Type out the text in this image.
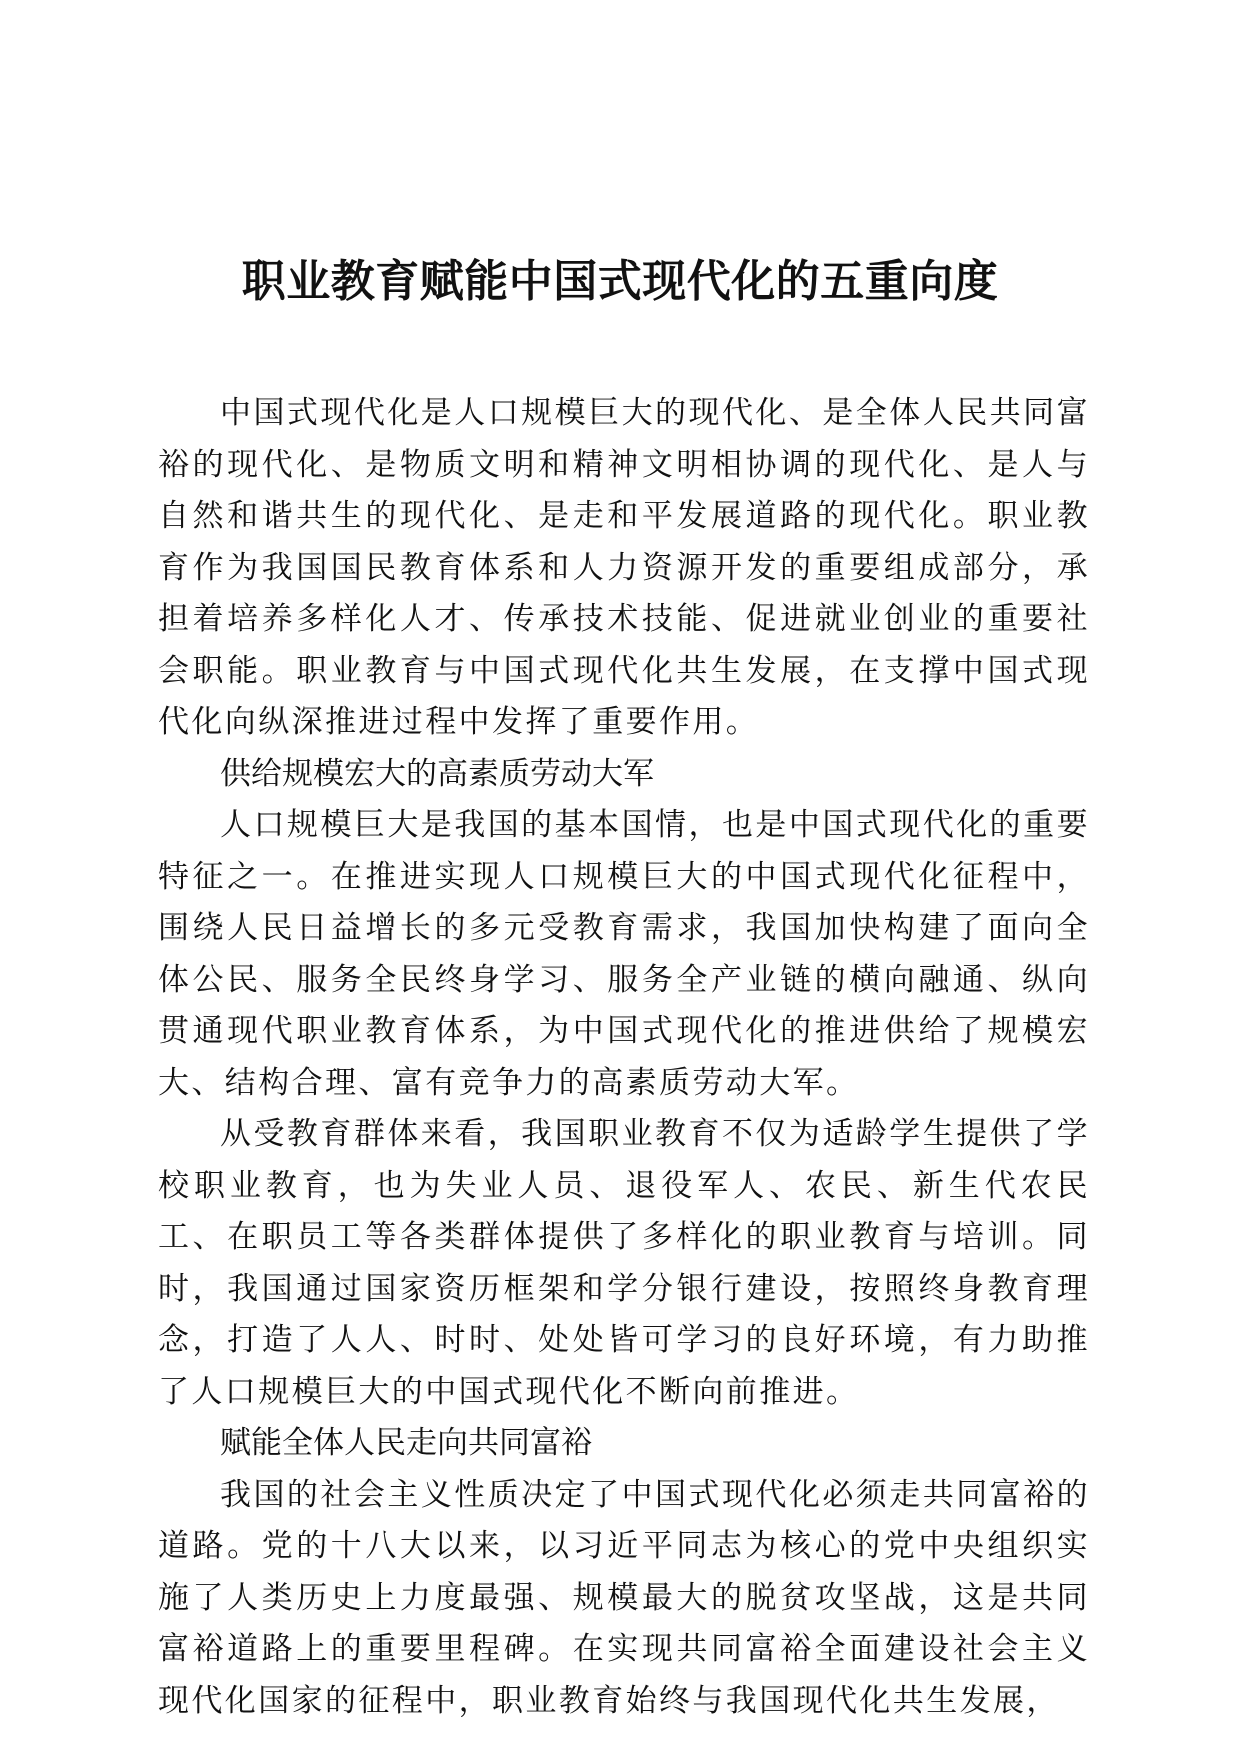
职业教育赋能中国式现代化的五重向度

中国式现代化是人口规模巨大的现代化、是全体人民共同富裕的现代化、是物质文明和精神文明相协调的现代化、是人与自然和谐共生的现代化、是走和平发展道路的现代化。职业教育作为我国国民教育体系和人力资源开发的重要组成部分，承担着培养多样化人才、传承技术技能、促进就业创业的重要社会职能。职业教育与中国式现代化共生发展，在支撑中国式现代化向纵深推进过程中发挥了重要作用。

供给规模宏大的高素质劳动大军

人口规模巨大是我国的基本国情，也是中国式现代化的重要特征之一。在推进实现人口规模巨大的中国式现代化征程中，围绕人民日益增长的多元受教育需求，我国加快构建了面向全体公民、服务全民终身学习、服务全产业链的横向融通、纵向贯通现代职业教育体系，为中国式现代化的推进供给了规模宏大、结构合理、富有竞争力的高素质劳动大军。

从受教育群体来看，我国职业教育不仅为适龄学生提供了学校职业教育，也为失业人员、退役军人、农民、新生代农民工、在职员工等各类群体提供了多样化的职业教育与培训。同时，我国通过国家资历框架和学分银行建设，按照终身教育理念，打造了人人、时时、处处皆可学习的良好环境，有力助推了人口规模巨大的中国式现代化不断向前推进。

赋能全体人民走向共同富裕

我国的社会主义性质决定了中国式现代化必须走共同富裕的道路。党的十八大以来，以习近平同志为核心的党中央组织实施了人类历史上力度最强、规模最大的脱贫攻坚战，这是共同富裕道路上的重要里程碑。在实现共同富裕全面建设社会主义现代化国家的征程中，职业教育始终与我国现代化共生发展，
